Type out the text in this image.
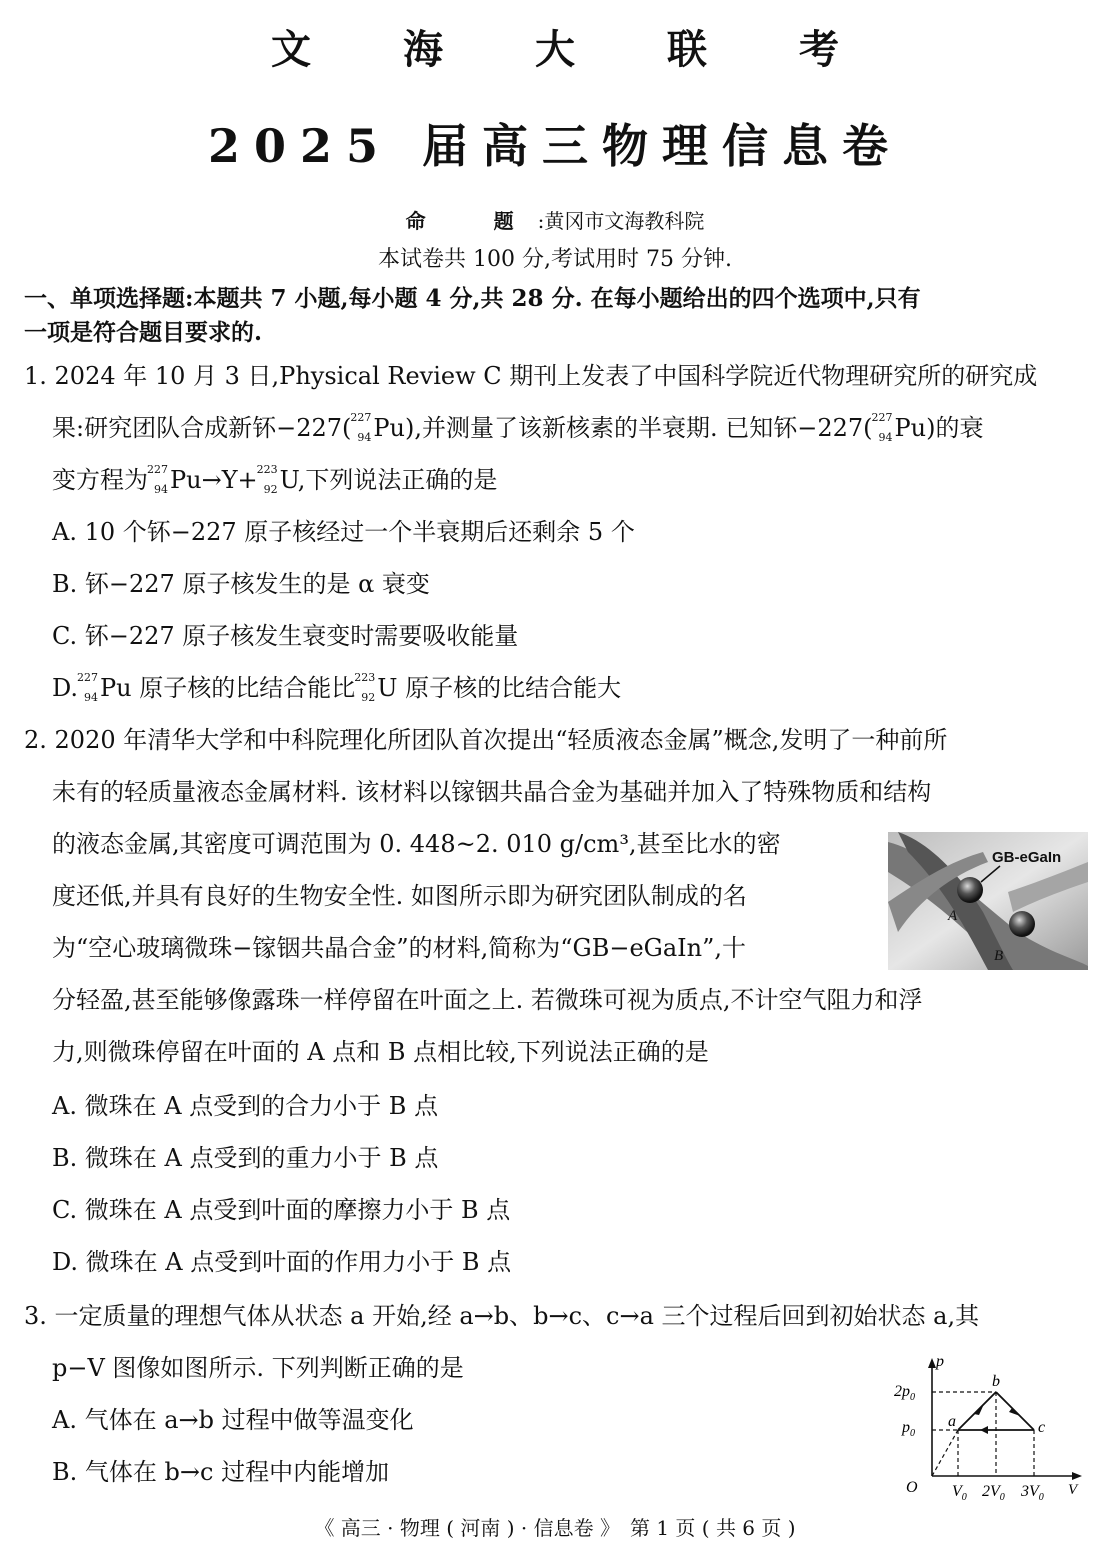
文海大联考
2025 届高三物理信息卷
命　题:黄冈市文海教科院
本试卷共 100 分,考试用时 75 分钟.
一、单项选择题:本题共 7 小题,每小题 4 分,共 28 分. 在每小题给出的四个选项中,只有
一项是符合题目要求的.
1. 2024 年 10 月 3 日,Physical Review C 期刊上发表了中国科学院近代物理研究所的研究成
果:研究团队合成新钚−227( 227
94 Pu),并测量了该新核素的半衰期. 已知钚−227( 227
94 Pu)的衰
变方程为 227
94 Pu→Y+ 223
92 U,下列说法正确的是
A. 10 个钚−227 原子核经过一个半衰期后还剩余 5 个
B. 钚−227 原子核发生的是 α 衰变
C. 钚−227 原子核发生衰变时需要吸收能量
D. 227
94 Pu 原子核的比结合能比 223
92 U 原子核的比结合能大
2. 2020 年清华大学和中科院理化所团队首次提出“轻质液态金属”概念,发明了一种前所
未有的轻质量液态金属材料. 该材料以镓铟共晶合金为基础并加入了特殊物质和结构
的液态金属,其密度可调范围为 0. 448~2. 010 g/cm³,甚至比水的密
度还低,并具有良好的生物安全性. 如图所示即为研究团队制成的名
为“空心玻璃微珠−镓铟共晶合金”的材料,简称为“GB−eGaIn”,十
分轻盈,甚至能够像露珠一样停留在叶面之上. 若微珠可视为质点,不计空气阻力和浮
力,则微珠停留在叶面的 A 点和 B 点相比较,下列说法正确的是
A. 微珠在 A 点受到的合力小于 B 点
B. 微珠在 A 点受到的重力小于 B 点
C. 微珠在 A 点受到叶面的摩擦力小于 B 点
D. 微珠在 A 点受到叶面的作用力小于 B 点
GB-eGaIn
A
B
3. 一定质量的理想气体从状态 a 开始,经 a→b、b→c、c→a 三个过程后回到初始状态 a,其
p−V 图像如图所示. 下列判断正确的是
A. 气体在 a→b 过程中做等温变化
B. 气体在 b→c 过程中内能增加
p
V
O
$2p_0$
$p_0$
$V_0$ $2V_0$ $3V_0$
a
b
c
《 高三 · 物理 ( 河南 ) · 信息卷 》　第 1 页 ( 共 6 页 )
